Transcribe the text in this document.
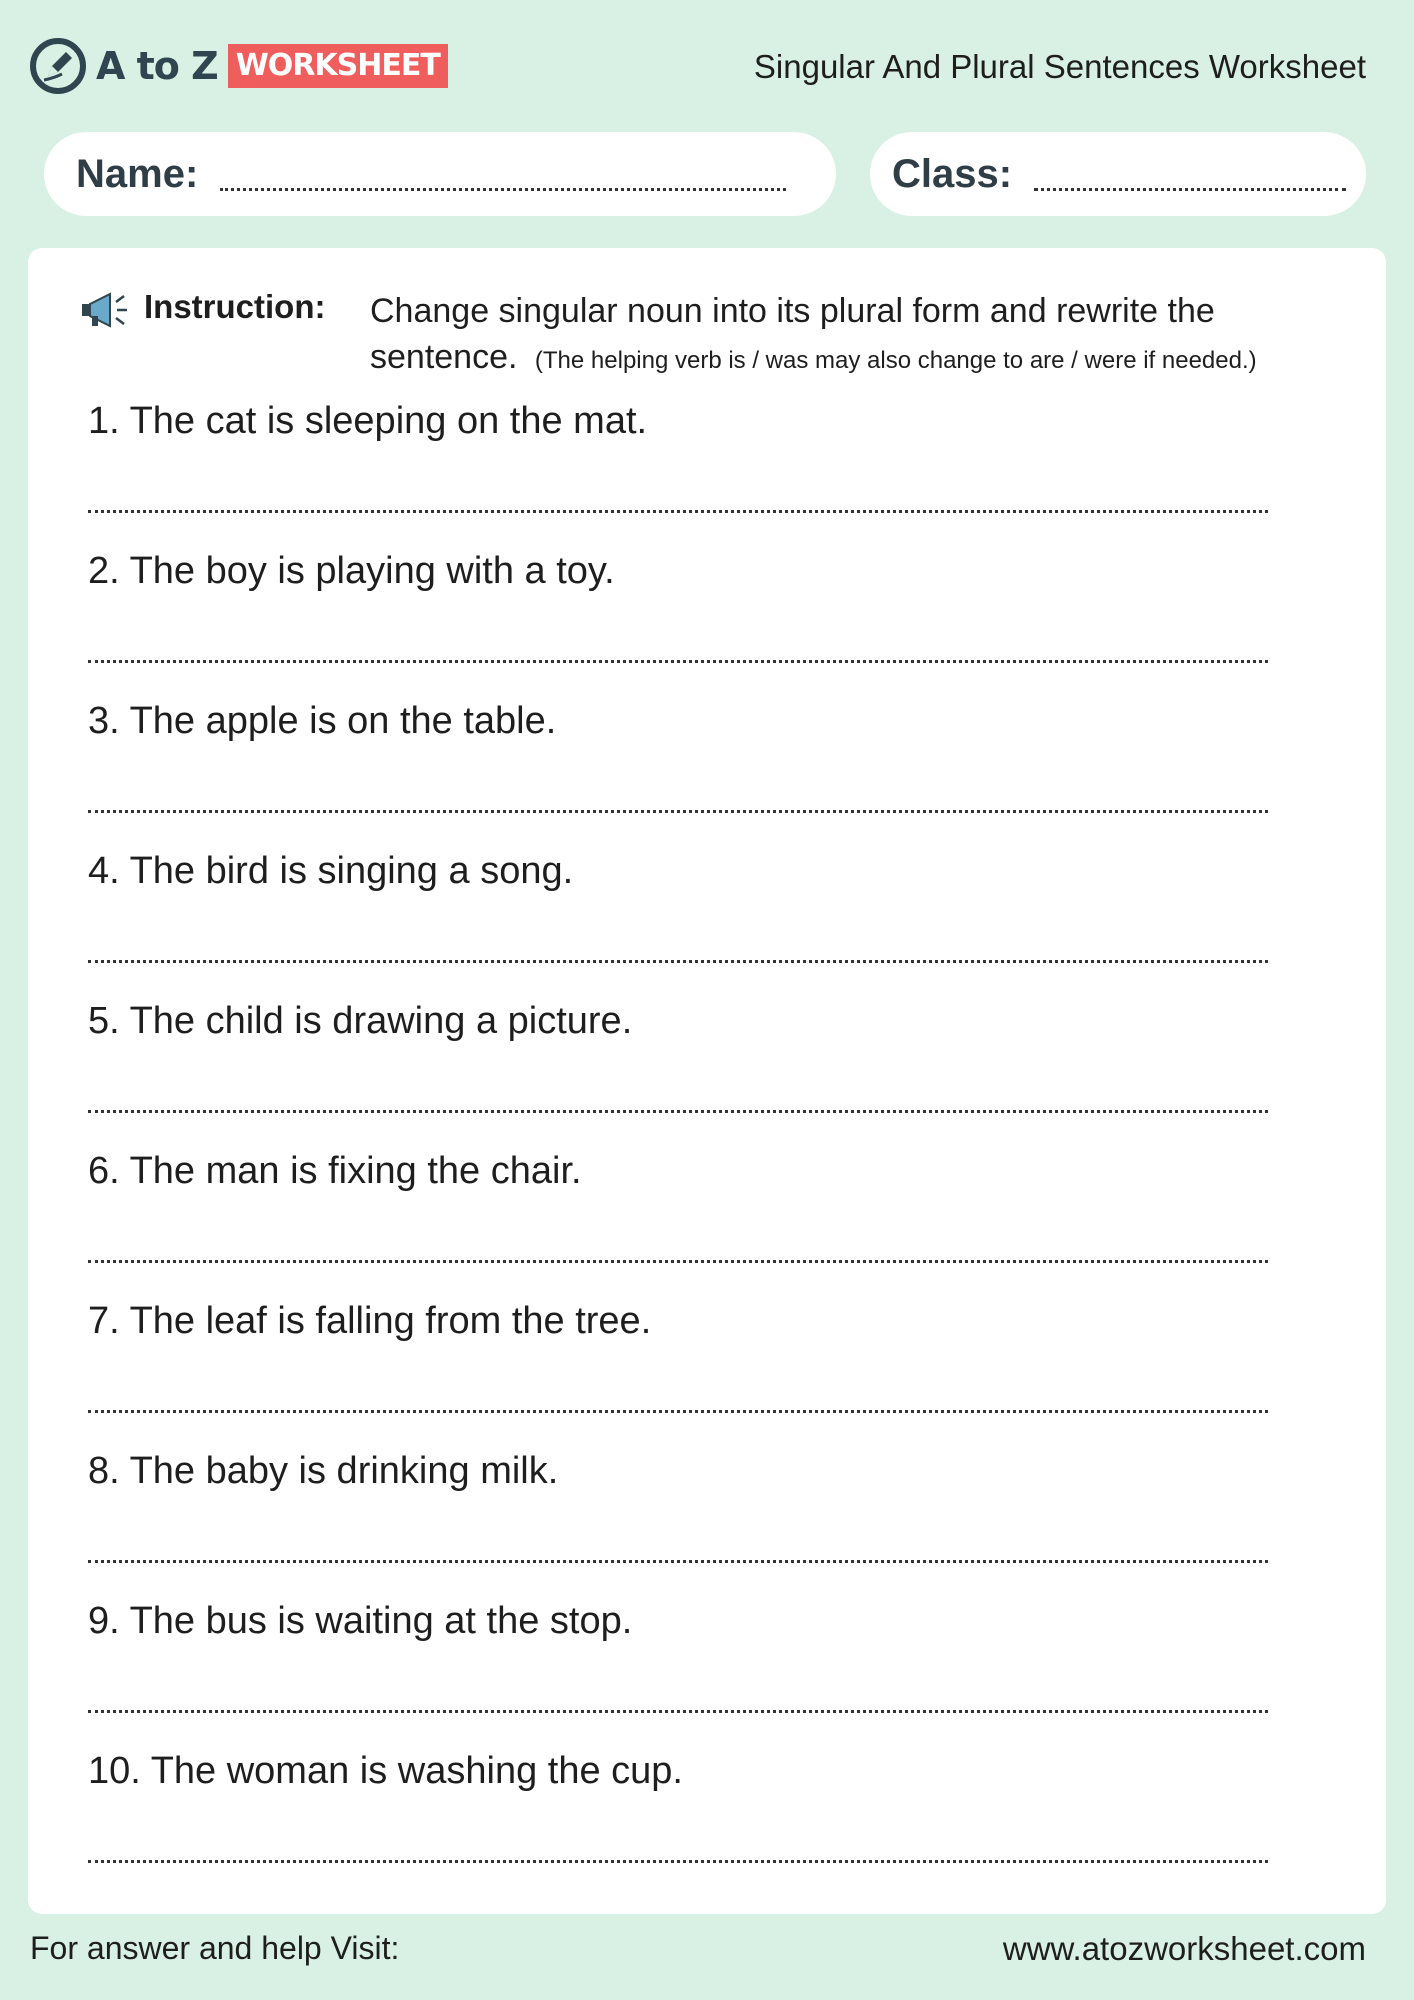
A to Z WORKSHEET	Singular And Plural Sentences Worksheet
Name:	Class:
Instruction: Change singular noun into its plural form and rewrite the sentence. (The helping verb is / was may also change to are / were if needed.)
1. The cat is sleeping on the mat.
2. The boy is playing with a toy.
3. The apple is on the table.
4. The bird is singing a song.
5. The child is drawing a picture.
6. The man is fixing the chair.
7. The leaf is falling from the tree.
8. The baby is drinking milk.
9. The bus is waiting at the stop.
10. The woman is washing the cup.
For answer and help Visit:	www.atozworksheet.com
